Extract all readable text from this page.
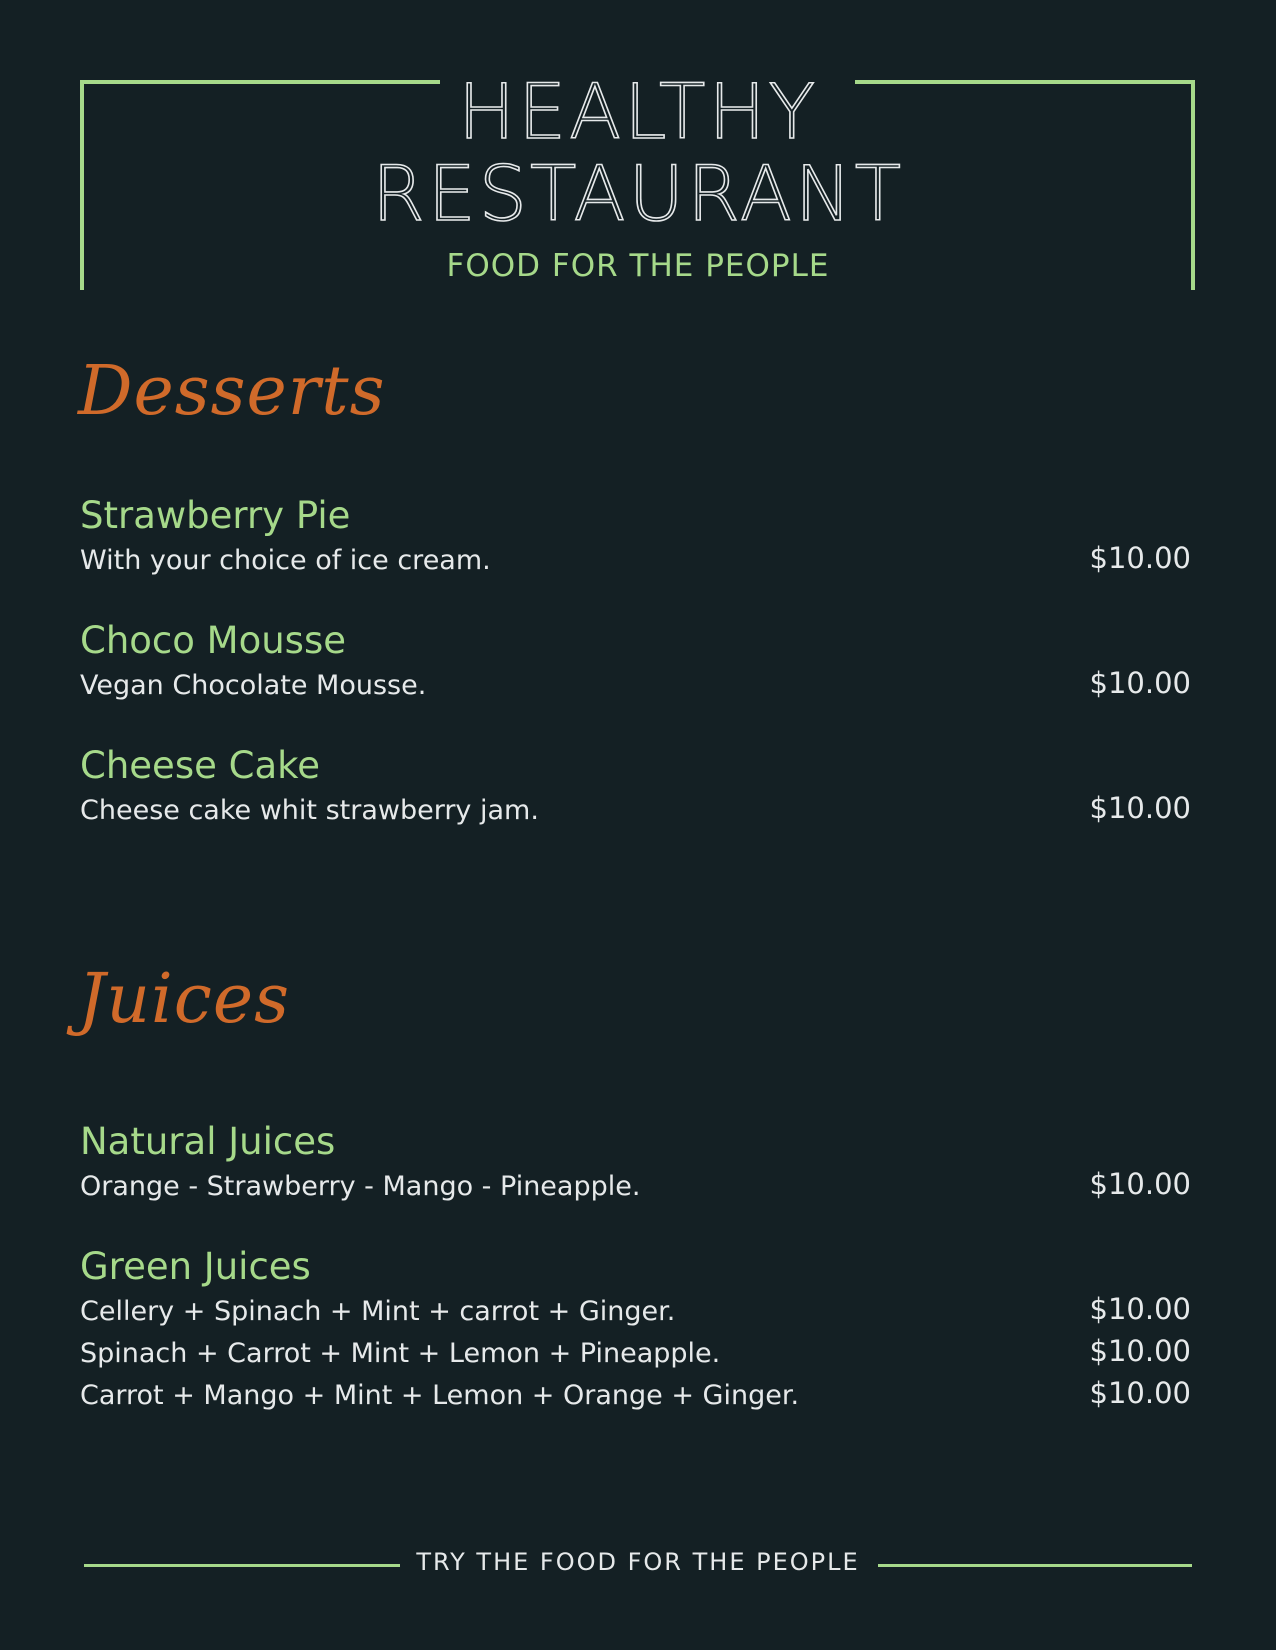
HEALTHY
RESTAURANT
FOOD FOR THE PEOPLE
Desserts
Strawberry Pie
With your choice of ice cream.	$10.00
Choco Mousse
Vegan Chocolate Mousse.	$10.00
Cheese Cake
Cheese cake whit strawberry jam.	$10.00
Juices
Natural Juices
Orange - Strawberry - Mango - Pineapple.	$10.00
Green Juices
Cellery + Spinach + Mint + carrot + Ginger.	$10.00
Spinach + Carrot + Mint + Lemon + Pineapple.	$10.00
Carrot + Mango + Mint + Lemon + Orange + Ginger.	$10.00
TRY THE FOOD FOR THE PEOPLE
